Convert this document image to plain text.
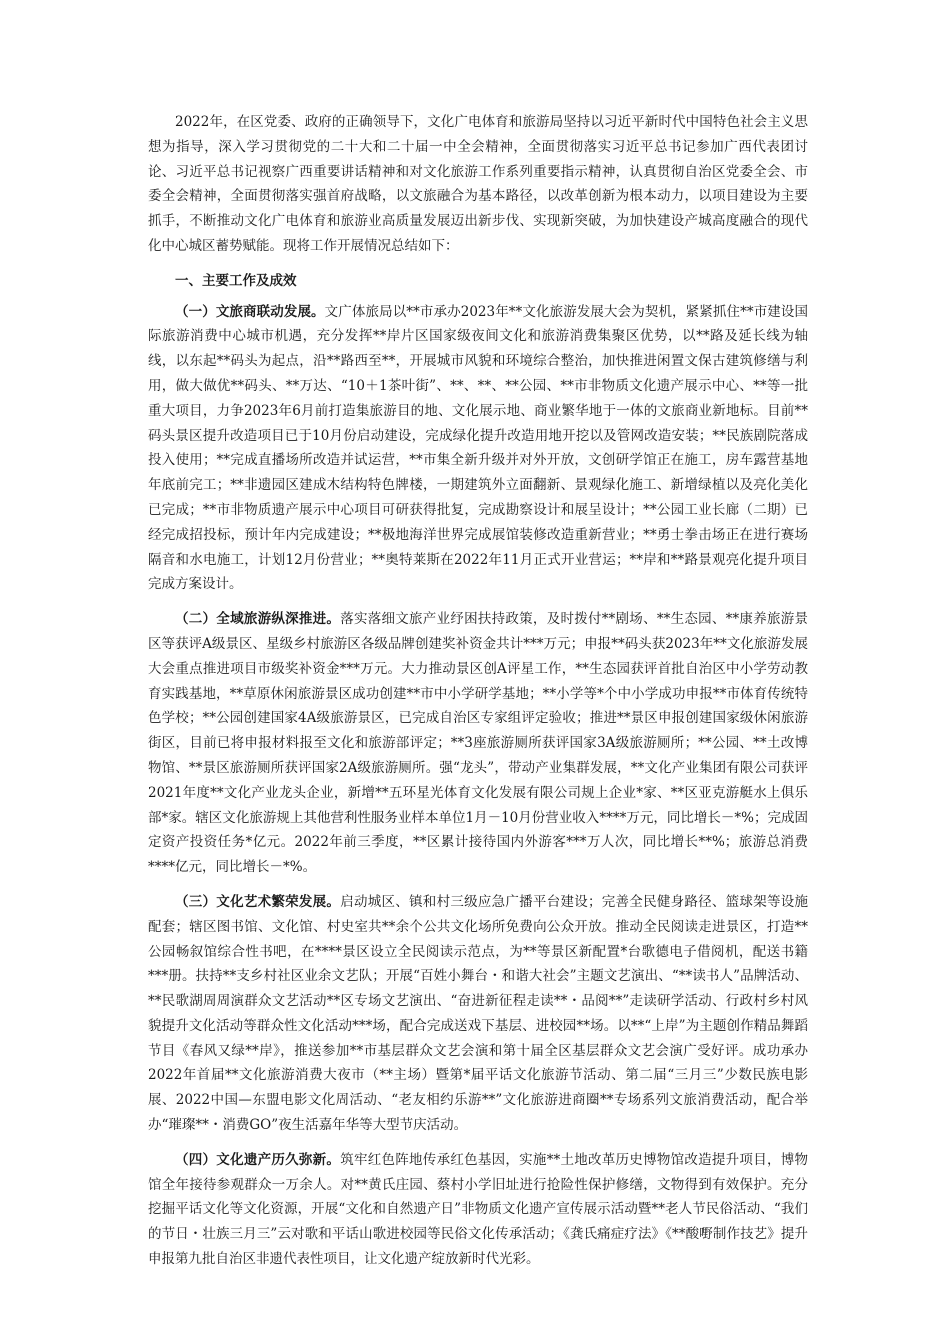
2022年，在区党委、政府的正确领导下，文化广电体育和旅游局坚持以习近平新时代中国特色社会主义思想为指导，深入学习贯彻党的二十大和二十届一中全会精神，全面贯彻落实习近平总书记参加广西代表团讨论、习近平总书记视察广西重要讲话精神和对文化旅游工作系列重要指示精神，认真贯彻自治区党委全会、市委全会精神，全面贯彻落实强首府战略，以文旅融合为基本路径，以改革创新为根本动力，以项目建设为主要抓手，不断推动文化广电体育和旅游业高质量发展迈出新步伐、实现新突破，为加快建设产城高度融合的现代化中心城区蓄势赋能。现将工作开展情况总结如下：

一、主要工作及成效

（一）文旅商联动发展。文广体旅局以**市承办2023年**文化旅游发展大会为契机，紧紧抓住**市建设国际旅游消费中心城市机遇，充分发挥**岸片区国家级夜间文化和旅游消费集聚区优势，以**路及延长线为轴线，以东起**码头为起点，沿**路西至**，开展城市风貌和环境综合整治，加快推进闲置文保古建筑修缮与利用，做大做优**码头、**万达、“10＋1茶叶街”、**、**、**公园、**市非物质文化遗产展示中心、**等一批重大项目，力争2023年6月前打造集旅游目的地、文化展示地、商业繁华地于一体的文旅商业新地标。目前**码头景区提升改造项目已于10月份启动建设，完成绿化提升改造用地开挖以及管网改造安装；**民族剧院落成投入使用；**完成直播场所改造并试运营，**市集全新升级并对外开放，文创研学馆正在施工，房车露营基地年底前完工；**非遗园区建成木结构特色牌楼，一期建筑外立面翻新、景观绿化施工、新增绿植以及亮化美化已完成；**市非物质遗产展示中心项目可研获得批复，完成勘察设计和展呈设计；**公园工业长廊（二期）已经完成招投标，预计年内完成建设；**极地海洋世界完成展馆装修改造重新营业；**勇士拳击场正在进行赛场隔音和水电施工，计划12月份营业；**奥特莱斯在2022年11月正式开业营运；**岸和**路景观亮化提升项目完成方案设计。

（二）全域旅游纵深推进。落实落细文旅产业纾困扶持政策，及时拨付**剧场、**生态园、**康养旅游景区等获评A级景区、星级乡村旅游区各级品牌创建奖补资金共计***万元；申报**码头获2023年**文化旅游发展大会重点推进项目市级奖补资金***万元。大力推动景区创A评星工作，**生态园获评首批自治区中小学劳动教育实践基地，**草原休闲旅游景区成功创建**市中小学研学基地；**小学等*个中小学成功申报**市体育传统特色学校；**公园创建国家4A级旅游景区，已完成自治区专家组评定验收；推进**景区申报创建国家级休闲旅游街区，目前已将申报材料报至文化和旅游部评定；**3座旅游厕所获评国家3A级旅游厕所；**公园、**土改博物馆、**景区旅游厕所获评国家2A级旅游厕所。强“龙头”，带动产业集群发展，**文化产业集团有限公司获评2021年度**文化产业龙头企业，新增**五环星光体育文化发展有限公司规上企业*家、**区亚克游艇水上俱乐部*家。辖区文化旅游规上其他营利性服务业样本单位1月－10月份营业收入****万元，同比增长－*%；完成固定资产投资任务*亿元。2022年前三季度，**区累计接待国内外游客***万人次，同比增长**%；旅游总消费****亿元，同比增长－*%。

（三）文化艺术繁荣发展。启动城区、镇和村三级应急广播平台建设；完善全民健身路径、篮球架等设施配套；辖区图书馆、文化馆、村史室共**余个公共文化场所免费向公众开放。推动全民阅读走进景区，打造**公园畅叙馆综合性书吧，在****景区设立全民阅读示范点，为**等景区新配置*台歌德电子借阅机，配送书籍***册。扶持**支乡村社区业余文艺队；开展“百姓小舞台・和谐大社会”主题文艺演出、“**读书人”品牌活动、**民歌湖周周演群众文艺活动**区专场文艺演出、“奋进新征程走读**・品阅**”走读研学活动、行政村乡村风貌提升文化活动等群众性文化活动***场，配合完成送戏下基层、进校园**场。以**“上岸”为主题创作精品舞蹈节目《春风又绿**岸》，推送参加**市基层群众文艺会演和第十届全区基层群众文艺会演广受好评。成功承办2022年首届**文化旅游消费大夜市（**主场）暨第*届平话文化旅游节活动、第二届“三月三”少数民族电影展、2022中国—东盟电影文化周活动、“老友相约乐游**”文化旅游进商圈**专场系列文旅消费活动，配合举办“璀璨**・消费GO”夜生活嘉年华等大型节庆活动。

（四）文化遗产历久弥新。筑牢红色阵地传承红色基因，实施**土地改革历史博物馆改造提升项目，博物馆全年接待参观群众一万余人。对**黄氏庄园、蔡村小学旧址进行抢险性保护修缮，文物得到有效保护。充分挖掘平话文化等文化资源，开展“文化和自然遗产日”非物质文化遗产宣传展示活动暨**老人节民俗活动、“我们的节日・壮族三月三”云对歌和平话山歌进校园等民俗文化传承活动；《龚氏痛症疗法》《**酸嘢制作技艺》提升申报第九批自治区非遗代表性项目，让文化遗产绽放新时代光彩。
